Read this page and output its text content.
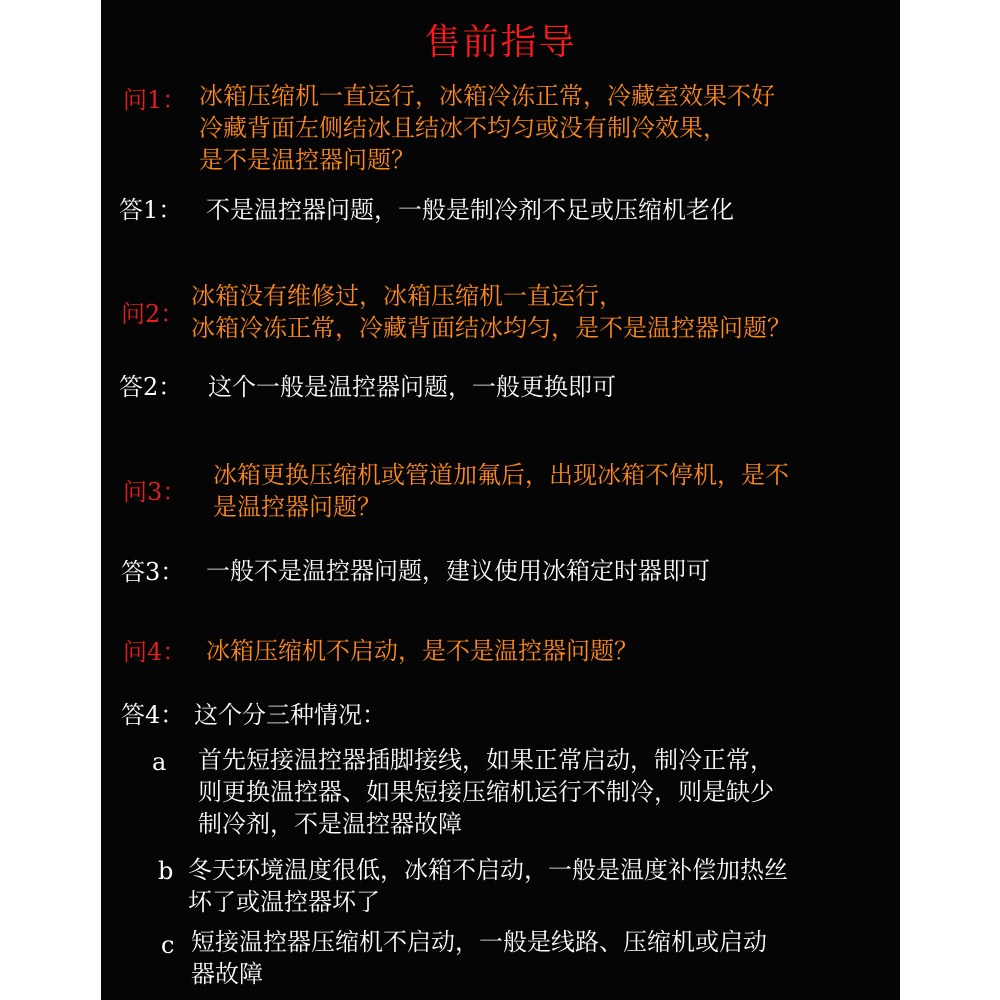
售前指导
问1： 冰箱压缩机一直运行，冰箱冷冻正常，冷藏室效果不好
冷藏背面左侧结冰且结冰不均匀或没有制冷效果，
是不是温控器问题？
答1： 不是温控器问题，一般是制冷剂不足或压缩机老化
问2：
冰箱没有维修过，冰箱压缩机一直运行，
冰箱冷冻正常，冷藏背面结冰均匀，是不是温控器问题？
答2： 这个一般是温控器问题，一般更换即可
问3：
冰箱更换压缩机或管道加氟后，出现冰箱不停机，是不
是温控器问题？
答3： 一般不是温控器问题，建议使用冰箱定时器即可
问4： 冰箱压缩机不启动，是不是温控器问题？
答4： 这个分三种情况：
a 首先短接温控器插脚接线，如果正常启动，制冷正常，
则更换温控器、如果短接压缩机运行不制冷，则是缺少
制冷剂，不是温控器故障
b 冬天环境温度很低，冰箱不启动，一般是温度补偿加热丝
坏了或温控器坏了
c 短接温控器压缩机不启动，一般是线路、压缩机或启动
器故障
